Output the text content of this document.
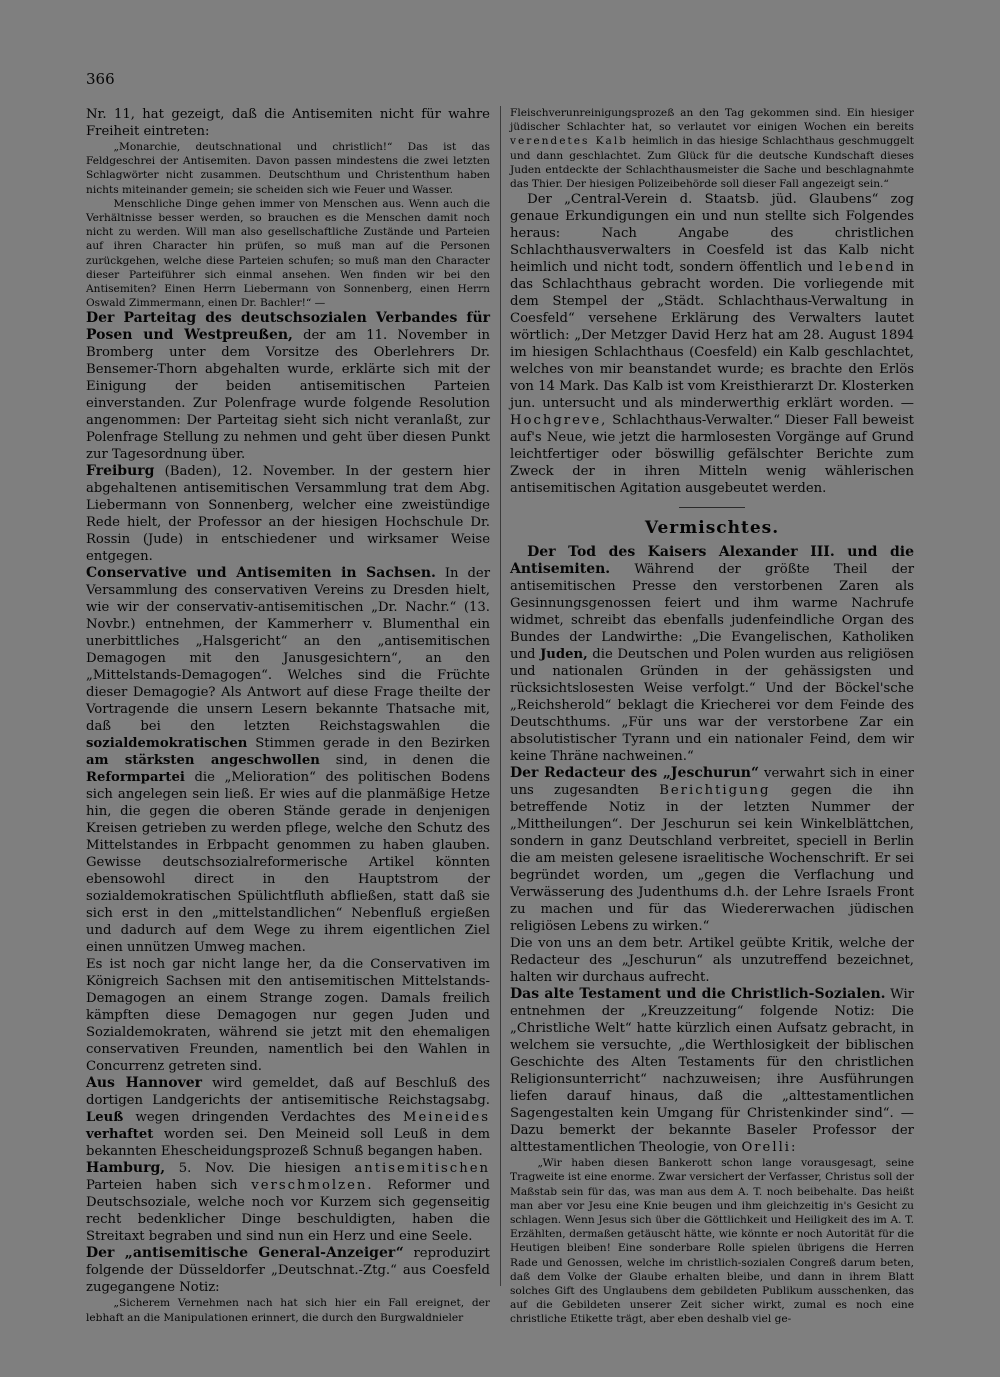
366

Nr. 11, hat gezeigt, daß die Antisemiten nicht für wahre Freiheit eintreten:

„Monarchie, deutschnational und christlich!“ Das ist das Feldgeschrei der Antisemiten. Davon passen mindestens die zwei letzten Schlagwörter nicht zusammen. Deutschthum und Christenthum haben nichts miteinander gemein; sie scheiden sich wie Feuer und Wasser.

Menschliche Dinge gehen immer von Menschen aus. Wenn auch die Verhältnisse besser werden, so brauchen es die Menschen damit noch nicht zu werden. Will man also gesellschaftliche Zustände und Parteien auf ihren Character hin prüfen, so muß man auf die Personen zurückgehen, welche diese Parteien schufen; so muß man den Character dieser Parteiführer sich einmal ansehen. Wen finden wir bei den Antisemiten? Einen Herrn Liebermann von Sonnenberg, einen Herrn Oswald Zimmermann, einen Dr. Bachler!“ —

Der Parteitag des deutschsozialen Verbandes für Posen und Westpreußen, der am 11. November in Bromberg unter dem Vorsitze des Oberlehrers Dr. Bensemer-Thorn abgehalten wurde, erklärte sich mit der Einigung der beiden antisemitischen Parteien einverstanden. Zur Polenfrage wurde folgende Resolution angenommen: Der Parteitag sieht sich nicht veranlaßt, zur Polenfrage Stellung zu nehmen und geht über diesen Punkt zur Tagesordnung über.

Freiburg (Baden), 12. November. In der gestern hier abgehaltenen antisemitischen Versammlung trat dem Abg. Liebermann von Sonnenberg, welcher eine zweistündige Rede hielt, der Professor an der hiesigen Hochschule Dr. Rossin (Jude) in entschiedener und wirksamer Weise entgegen.

Conservative und Antisemiten in Sachsen. In der Versammlung des conservativen Vereins zu Dresden hielt, wie wir der conservativ-antisemitischen „Dr. Nachr.“ (13. Novbr.) entnehmen, der Kammerherr v. Blumenthal ein unerbittliches „Halsgericht“ an den „antisemitischen Demagogen mit den Janusgesichtern“, an den „Mittelstands-Demagogen“. Welches sind die Früchte dieser Demagogie? Als Antwort auf diese Frage theilte der Vortragende die unsern Lesern bekannte Thatsache mit, daß bei den letzten Reichstagswahlen die sozialdemokratischen Stimmen gerade in den Bezirken am stärksten angeschwollen sind, in denen die Reformpartei die „Melioration“ des politischen Bodens sich angelegen sein ließ. Er wies auf die planmäßige Hetze hin, die gegen die oberen Stände gerade in denjenigen Kreisen getrieben zu werden pflege, welche den Schutz des Mittelstandes in Erbpacht genommen zu haben glauben. Gewisse deutschsozialreformerische Artikel könnten ebensowohl direct in den Hauptstrom der sozialdemokratischen Spülichtfluth abfließen, statt daß sie sich erst in den „mittelstandlichen“ Nebenfluß ergießen und dadurch auf dem Wege zu ihrem eigentlichen Ziel einen unnützen Umweg machen.

Es ist noch gar nicht lange her, da die Conservativen im Königreich Sachsen mit den antisemitischen Mittelstands-Demagogen an einem Strange zogen. Damals freilich kämpften diese Demagogen nur gegen Juden und Sozialdemokraten, während sie jetzt mit den ehemaligen conservativen Freunden, namentlich bei den Wahlen in Concurrenz getreten sind.

Aus Hannover wird gemeldet, daß auf Beschluß des dortigen Landgerichts der antisemitische Reichstagsabg. Leuß wegen dringenden Verdachtes des Meineides verhaftet worden sei. Den Meineid soll Leuß in dem bekannten Ehescheidungsprozeß Schnuß begangen haben.

Hamburg, 5. Nov. Die hiesigen antisemitischen Parteien haben sich verschmolzen. Reformer und Deutschsoziale, welche noch vor Kurzem sich gegenseitig recht bedenklicher Dinge beschuldigten, haben die Streitaxt begraben und sind nun ein Herz und eine Seele.

Der „antisemitische General-Anzeiger“ reproduzirt folgende der Düsseldorfer „Deutschnat.-Ztg.“ aus Coesfeld zugegangene Notiz:

„Sicherem Vernehmen nach hat sich hier ein Fall ereignet, der lebhaft an die Manipulationen erinnert, die durch den Burgwaldnieler

Fleischverunreinigungsprozeß an den Tag gekommen sind. Ein hiesiger jüdischer Schlachter hat, so verlautet vor einigen Wochen ein bereits verendetes Kalb heimlich in das hiesige Schlachthaus geschmuggelt und dann geschlachtet. Zum Glück für die deutsche Kundschaft dieses Juden entdeckte der Schlachthausmeister die Sache und beschlagnahmte das Thier. Der hiesigen Polizeibehörde soll dieser Fall angezeigt sein.“

Der „Central-Verein d. Staatsb. jüd. Glaubens“ zog genaue Erkundigungen ein und nun stellte sich Folgendes heraus: Nach Angabe des christlichen Schlachthausverwalters in Coesfeld ist das Kalb nicht heimlich und nicht todt, sondern öffentlich und lebend in das Schlachthaus gebracht worden. Die vorliegende mit dem Stempel der „Städt. Schlachthaus-Verwaltung in Coesfeld“ versehene Erklärung des Verwalters lautet wörtlich: „Der Metzger David Herz hat am 28. August 1894 im hiesigen Schlachthaus (Coesfeld) ein Kalb geschlachtet, welches von mir beanstandet wurde; es brachte den Erlös von 14 Mark. Das Kalb ist vom Kreisthierarzt Dr. Klosterken jun. untersucht und als minderwerthig erklärt worden. — Hochgreve, Schlachthaus-Verwalter.“ Dieser Fall beweist auf's Neue, wie jetzt die harmlosesten Vorgänge auf Grund leichtfertiger oder böswillig gefälschter Berichte zum Zweck der in ihren Mitteln wenig wählerischen antisemitischen Agitation ausgebeutet werden.

Vermischtes.

Der Tod des Kaisers Alexander III. und die Antisemiten. Während der größte Theil der antisemitischen Presse den verstorbenen Zaren als Gesinnungsgenossen feiert und ihm warme Nachrufe widmet, schreibt das ebenfalls judenfeindliche Organ des Bundes der Landwirthe: „Die Evangelischen, Katholiken und Juden, die Deutschen und Polen wurden aus religiösen und nationalen Gründen in der gehässigsten und rücksichtslosesten Weise verfolgt.“ Und der Böckel'sche „Reichsherold“ beklagt die Kriecherei vor dem Feinde des Deutschthums. „Für uns war der verstorbene Zar ein absolutistischer Tyrann und ein nationaler Feind, dem wir keine Thräne nachweinen.“

Der Redacteur des „Jeschurun“ verwahrt sich in einer uns zugesandten Berichtigung gegen die ihn betreffende Notiz in der letzten Nummer der „Mittheilungen“. Der Jeschurun sei kein Winkelblättchen, sondern in ganz Deutschland verbreitet, speciell in Berlin die am meisten gelesene israelitische Wochenschrift. Er sei begründet worden, um „gegen die Verflachung und Verwässerung des Judenthums d.h. der Lehre Israels Front zu machen und für das Wiedererwachen jüdischen religiösen Lebens zu wirken.“

Die von uns an dem betr. Artikel geübte Kritik, welche der Redacteur des „Jeschurun“ als unzutreffend bezeichnet, halten wir durchaus aufrecht.

Das alte Testament und die Christlich-Sozialen. Wir entnehmen der „Kreuzzeitung“ folgende Notiz: Die „Christliche Welt“ hatte kürzlich einen Aufsatz gebracht, in welchem sie versuchte, „die Werthlosigkeit der biblischen Geschichte des Alten Testaments für den christlichen Religionsunterricht“ nachzuweisen; ihre Ausführungen liefen darauf hinaus, daß die „alttestamentlichen Sagengestalten kein Umgang für Christenkinder sind“. — Dazu bemerkt der bekannte Baseler Professor der alttestamentlichen Theologie, von Orelli:

„Wir haben diesen Bankerott schon lange vorausgesagt, seine Tragweite ist eine enorme. Zwar versichert der Verfasser, Christus soll der Maßstab sein für das, was man aus dem A. T. noch beibehalte. Das heißt man aber vor Jesu eine Knie beugen und ihm gleichzeitig in's Gesicht zu schlagen. Wenn Jesus sich über die Göttlichkeit und Heiligkeit des im A. T. Erzählten, dermaßen getäuscht hätte, wie könnte er noch Autorität für die Heutigen bleiben! Eine sonderbare Rolle spielen übrigens die Herren Rade und Genossen, welche im christlich-sozialen Congreß darum beten, daß dem Volke der Glaube erhalten bleibe, und dann in ihrem Blatt solches Gift des Unglaubens dem gebildeten Publikum ausschenken, das auf die Gebildeten unserer Zeit sicher wirkt, zumal es noch eine christliche Etikette trägt, aber eben deshalb viel ge-
